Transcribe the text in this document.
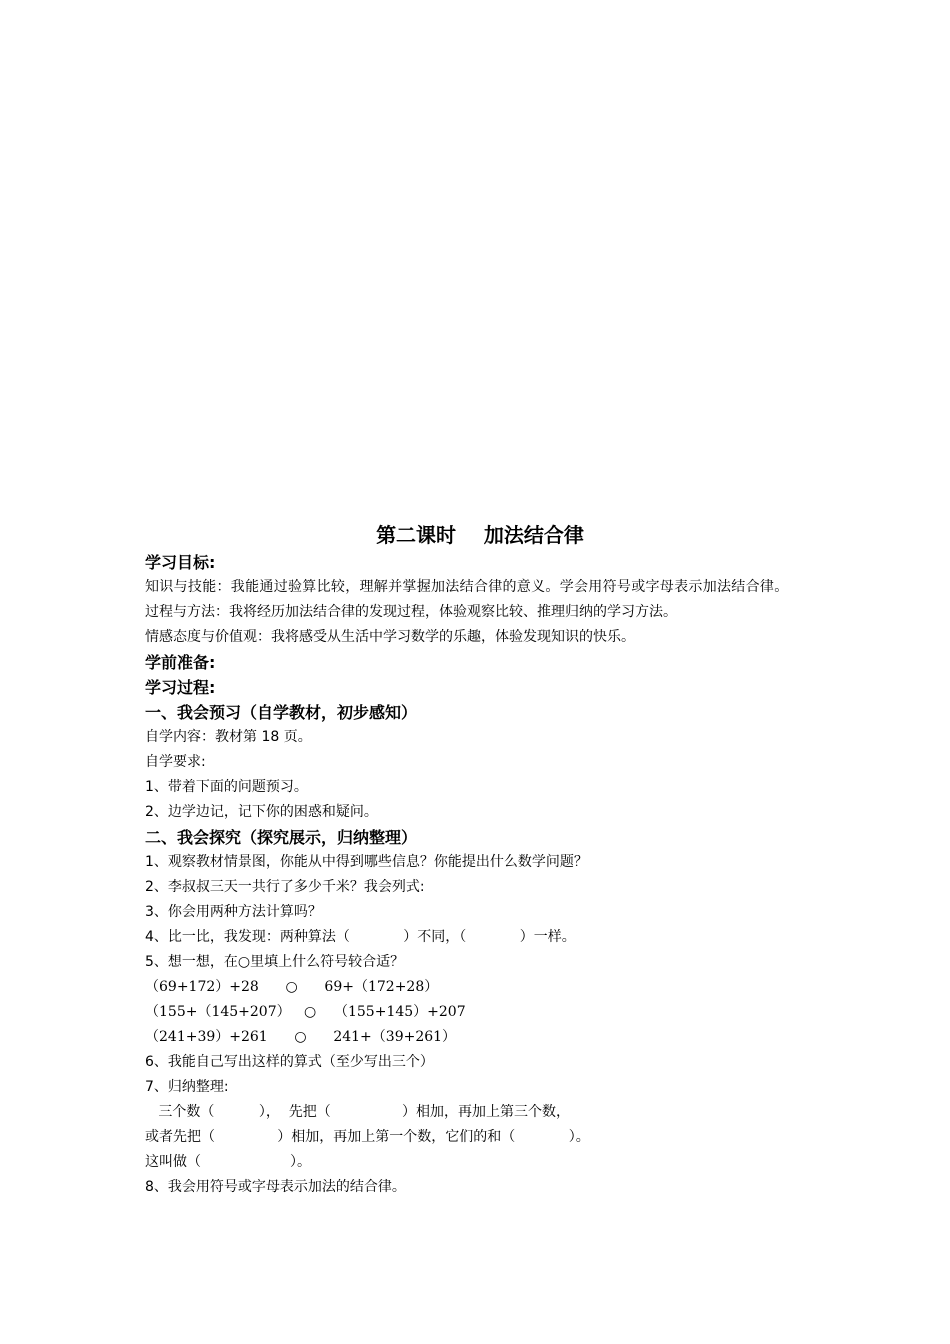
第二课时    加法结合律
学习目标:
知识与技能：我能通过验算比较，理解并掌握加法结合律的意义。学会用符号或字母表示加法结合律。
过程与方法：我将经历加法结合律的发现过程，体验观察比较、推理归纳的学习方法。
情感态度与价值观：我将感受从生活中学习数学的乐趣，体验发现知识的快乐。
学前准备:
学习过程:
一、我会预习（自学教材，初步感知）
自学内容：教材第 18 页。
自学要求:
1、带着下面的问题预习。
2、边学边记，记下你的困惑和疑问。
二、我会探究（探究展示，归纳整理）
1、观察教材情景图，你能从中得到哪些信息？你能提出什么数学问题？
2、李叔叔三天一共行了多少千米？我会列式:
3、你会用两种方法计算吗？
4、比一比，我发现：两种算法（            ）不同，（            ）一样。
5、想一想，在○里填上什么符号较合适？
（69+172）+28      ○      69+（172+28）
（155+（145+207）   ○    （155+145）+207
（241+39）+261      ○      241+（39+261）
6、我能自己写出这样的算式（至少写出三个）
7、归纳整理:
三个数（          ），  先把（                ）相加，再加上第三个数，
或者先把（              ）相加，再加上第一个数，它们的和（            ）。
这叫做（                    ）。
8、我会用符号或字母表示加法的结合律。
